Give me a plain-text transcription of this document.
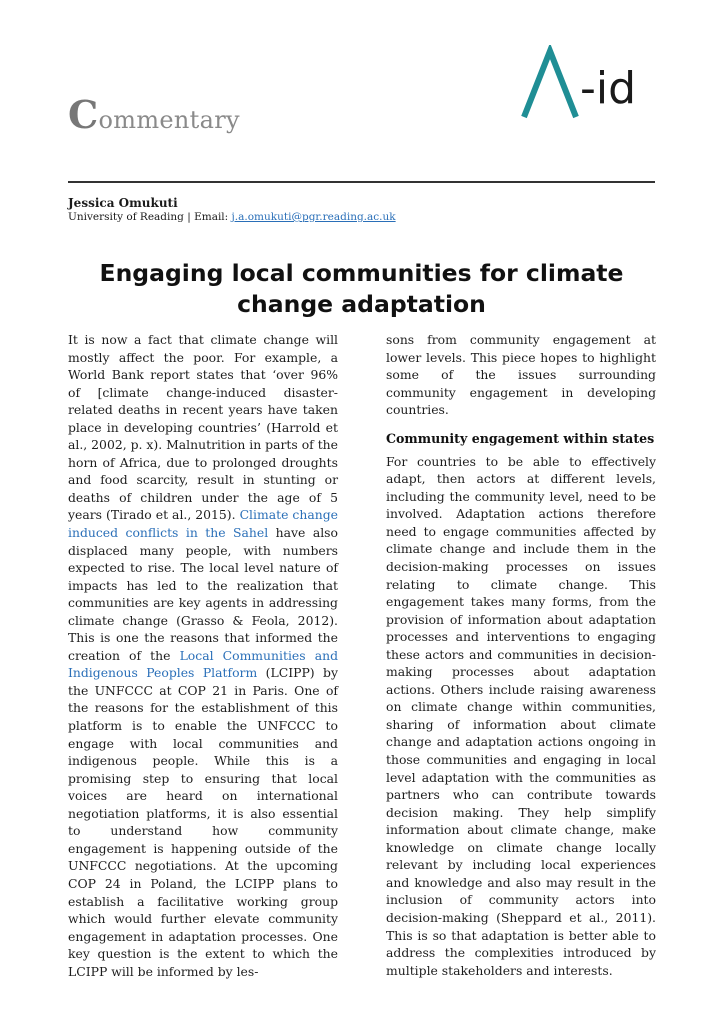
Commentary
-id
Jessica Omukuti
University of Reading | Email: j.a.omukuti@pgr.reading.ac.uk
Engaging local communities for climate change adaptation

It is now a fact that climate change will mostly affect the poor. For example, a World Bank report states that ‘over 96% of [climate change-induced disaster-related deaths in recent years have taken place in developing countries’ (Harrold et al., 2002, p. x). Malnutrition in parts of the horn of Africa, due to prolonged droughts and food scarcity, result in stunting or deaths of children under the age of 5 years (Tirado et al., 2015). Climate change induced conflicts in the Sahel have also displaced many people, with numbers expected to rise. The local level nature of impacts has led to the realization that communities are key agents in addressing climate change (Grasso & Feola, 2012). This is one the reasons that informed the creation of the Local Communities and Indigenous Peoples Platform (LCIPP) by the UNFCCC at COP 21 in Paris. One of the reasons for the establishment of this platform is to enable the UNFCCC to engage with local communities and indigenous people. While this is a promising step to ensuring that local voices are heard on international negotiation platforms, it is also essential to understand how community engagement is happening outside of the UNFCCC negotiations. At the upcoming COP 24 in Poland, the LCIPP plans to establish a facilitative working group which would further elevate community engagement in adaptation processes. One key question is the extent to which the LCIPP will be informed by les-

sons from community engagement at lower levels. This piece hopes to highlight some of the issues surrounding community engagement in developing countries.

Community engagement within states

For countries to be able to effectively adapt, then actors at different levels, including the community level, need to be involved. Adaptation actions therefore need to engage communities affected by climate change and include them in the decision-making processes on issues relating to climate change. This engagement takes many forms, from the provision of information about adaptation processes and interventions to engaging these actors and communities in decision-making processes about adaptation actions. Others include raising awareness on climate change within communities, sharing of information about climate change and adaptation actions ongoing in those communities and engaging in local level adaptation with the communities as partners who can contribute towards decision making. They help simplify information about climate change, make knowledge on climate change locally relevant by including local experiences and knowledge and also may result in the inclusion of community actors into decision-making (Sheppard et al., 2011). This is so that adaptation is better able to address the complexities introduced by multiple stakeholders and interests.
